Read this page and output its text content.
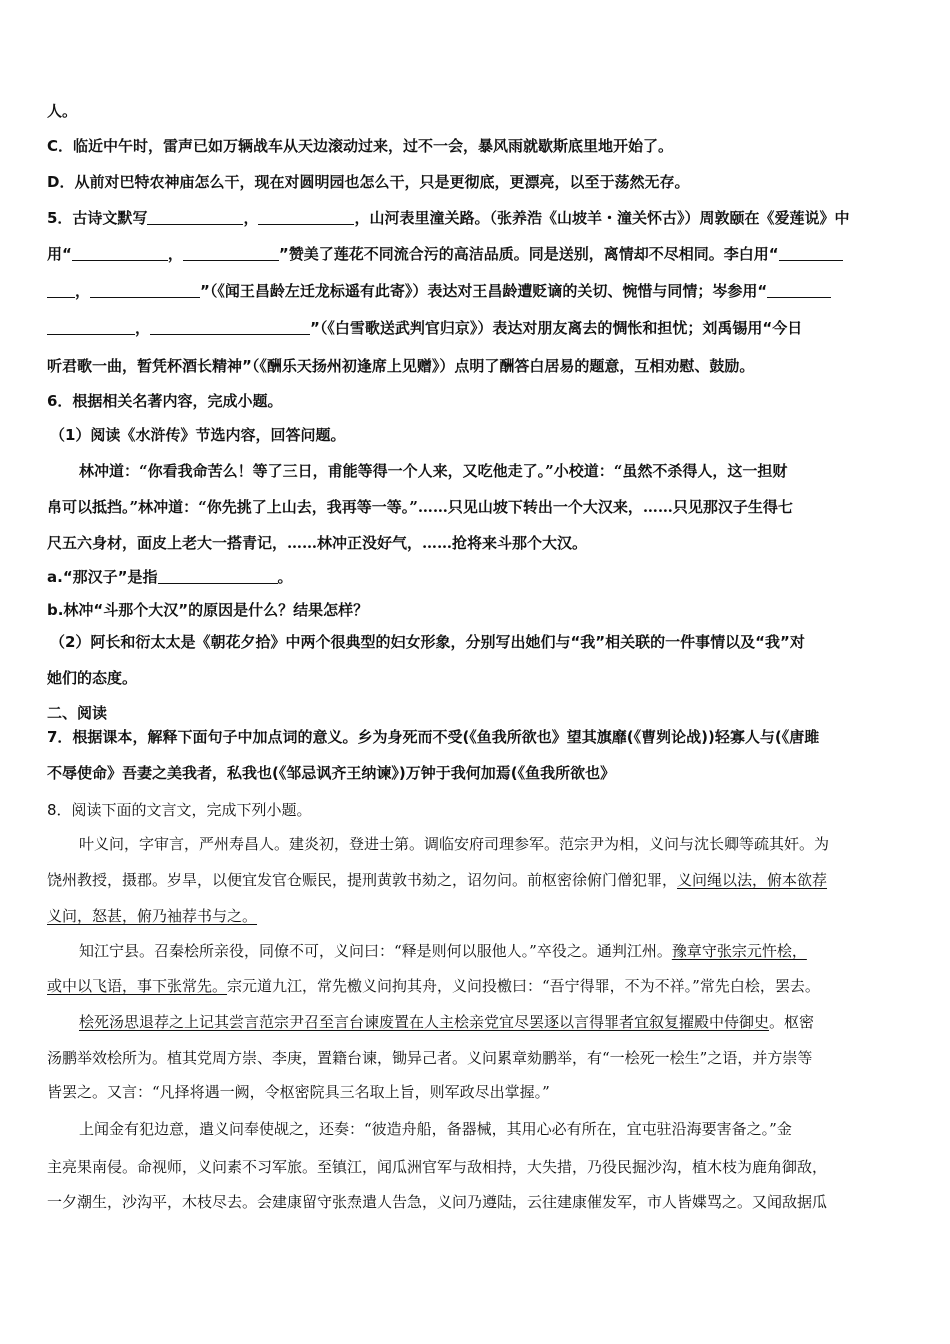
人。
C．临近中午时，雷声已如万辆战车从天边滚动过来，过不一会，暴风雨就歇斯底里地开始了。
D．从前对巴特农神庙怎么干，现在对圆明园也怎么干，只是更彻底，更漂亮，以至于荡然无存。
5．古诗文默写	，	，山河表里潼关路。（张养浩《山坡羊・潼关怀古》）周敦颐在《爱莲说》中
用“	，	”赞美了莲花不同流合污的高洁品质。同是送别，离情却不尽相同。李白用“
，	”（《闻王昌龄左迁龙标遥有此寄》）表达对王昌龄遭贬谪的关切、惋惜与同情；岑参用“
，	”（《白雪歌送武判官归京》）表达对朋友离去的惆怅和担忧；刘禹锡用“今日
听君歌一曲，暂凭杯酒长精神”（《酬乐天扬州初逢席上见赠》）点明了酬答白居易的题意，互相劝慰、鼓励。
6．根据相关名著内容，完成小题。
（1）阅读《水浒传》节选内容，回答问题。
林冲道：“你看我命苦么！等了三日，甫能等得一个人来，又吃他走了。”小校道：“虽然不杀得人，这一担财
帛可以抵挡。”林冲道：“你先挑了上山去，我再等一等。”……只见山坡下转出一个大汉来，……只见那汉子生得七
尺五六身材，面皮上老大一搭青记，……林冲正没好气，……抢将来斗那个大汉。
a.“那汉子”是指	。
b.林冲“斗那个大汉”的原因是什么？结果怎样？
（2）阿长和衍太太是《朝花夕拾》中两个很典型的妇女形象，分别写出她们与“我”相关联的一件事情以及“我”对
她们的态度。
二、阅读
7．根据课本，解释下面句子中加点词的意义。乡为身死而不受(《鱼我所欲也》望其旗靡(《曹刿论战))轻寡人与(《唐雎
不辱使命》吾妻之美我者，私我也(《邹忌讽齐王纳谏》)万钟于我何加焉(《鱼我所欲也》
8．阅读下面的文言文，完成下列小题。
叶义问，字审言，严州寿昌人。建炎初，登进士第。调临安府司理参军。范宗尹为相，义问与沈长卿等疏其奸。为
饶州教授，摄郡。岁旱，以便宜发官仓赈民，提刑黄敦书劾之，诏勿问。前枢密徐俯门僧犯罪，义问绳以法，俯本欲荐
义问，怒甚，俯乃袖荐书与之。
知江宁县。召秦桧所亲役，同僚不可，义问曰：“释是则何以服他人。”卒役之。通判江州。豫章守张宗元忤桧，
或中以飞语，事下张常先。宗元道九江，常先檄义问拘其舟，义问投檄曰：“吾宁得罪，不为不祥。”常先白桧，罢去。
桧死汤思退荐之上记其尝言范宗尹召至言台谏废置在人主桧亲党宜尽罢逐以言得罪者宜叙复擢殿中侍御史。枢密
汤鹏举效桧所为。植其党周方崇、李庚，置籍台谏，锄异己者。义问累章劾鹏举，有“一桧死一桧生”之语，并方崇等
皆罢之。又言：“凡择将遇一阙，令枢密院具三名取上旨，则军政尽出掌握。”
上闻金有犯边意，遣义问奉使觇之，还奏：“彼造舟船，备器械，其用心必有所在，宜屯驻沿海要害备之。”金
主亮果南侵。命视师，义问素不习军旅。至镇江，闻瓜洲官军与敌相持，大失措，乃役民掘沙沟，植木枝为鹿角御敌，
一夕潮生，沙沟平，木枝尽去。会建康留守张焘遣人告急，义问乃遵陆，云往建康催发军，市人皆媟骂之。又闻敌据瓜
